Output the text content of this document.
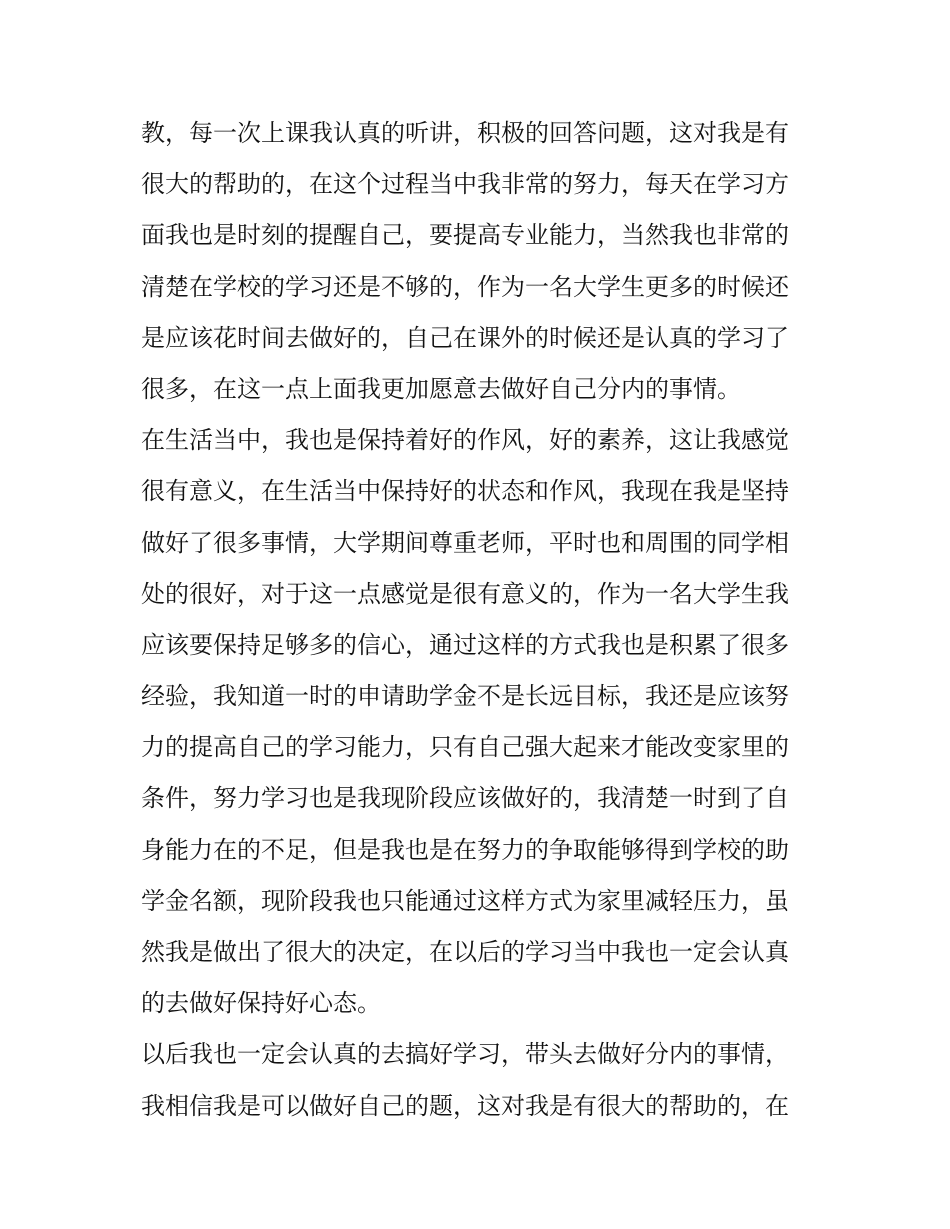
教，每一次上课我认真的听讲，积极的回答问题，这对我是有
很大的帮助的，在这个过程当中我非常的努力，每天在学习方
面我也是时刻的提醒自己，要提高专业能力，当然我也非常的
清楚在学校的学习还是不够的，作为一名大学生更多的时候还
是应该花时间去做好的，自己在课外的时候还是认真的学习了
很多，在这一点上面我更加愿意去做好自己分内的事情。
在生活当中，我也是保持着好的作风，好的素养，这让我感觉
很有意义，在生活当中保持好的状态和作风，我现在我是坚持
做好了很多事情，大学期间尊重老师，平时也和周围的同学相
处的很好，对于这一点感觉是很有意义的，作为一名大学生我
应该要保持足够多的信心，通过这样的方式我也是积累了很多
经验，我知道一时的申请助学金不是长远目标，我还是应该努
力的提高自己的学习能力，只有自己强大起来才能改变家里的
条件，努力学习也是我现阶段应该做好的，我清楚一时到了自
身能力在的不足，但是我也是在努力的争取能够得到学校的助
学金名额，现阶段我也只能通过这样方式为家里减轻压力，虽
然我是做出了很大的决定，在以后的学习当中我也一定会认真
的去做好保持好心态。
以后我也一定会认真的去搞好学习，带头去做好分内的事情，
我相信我是可以做好自己的题，这对我是有很大的帮助的，在
